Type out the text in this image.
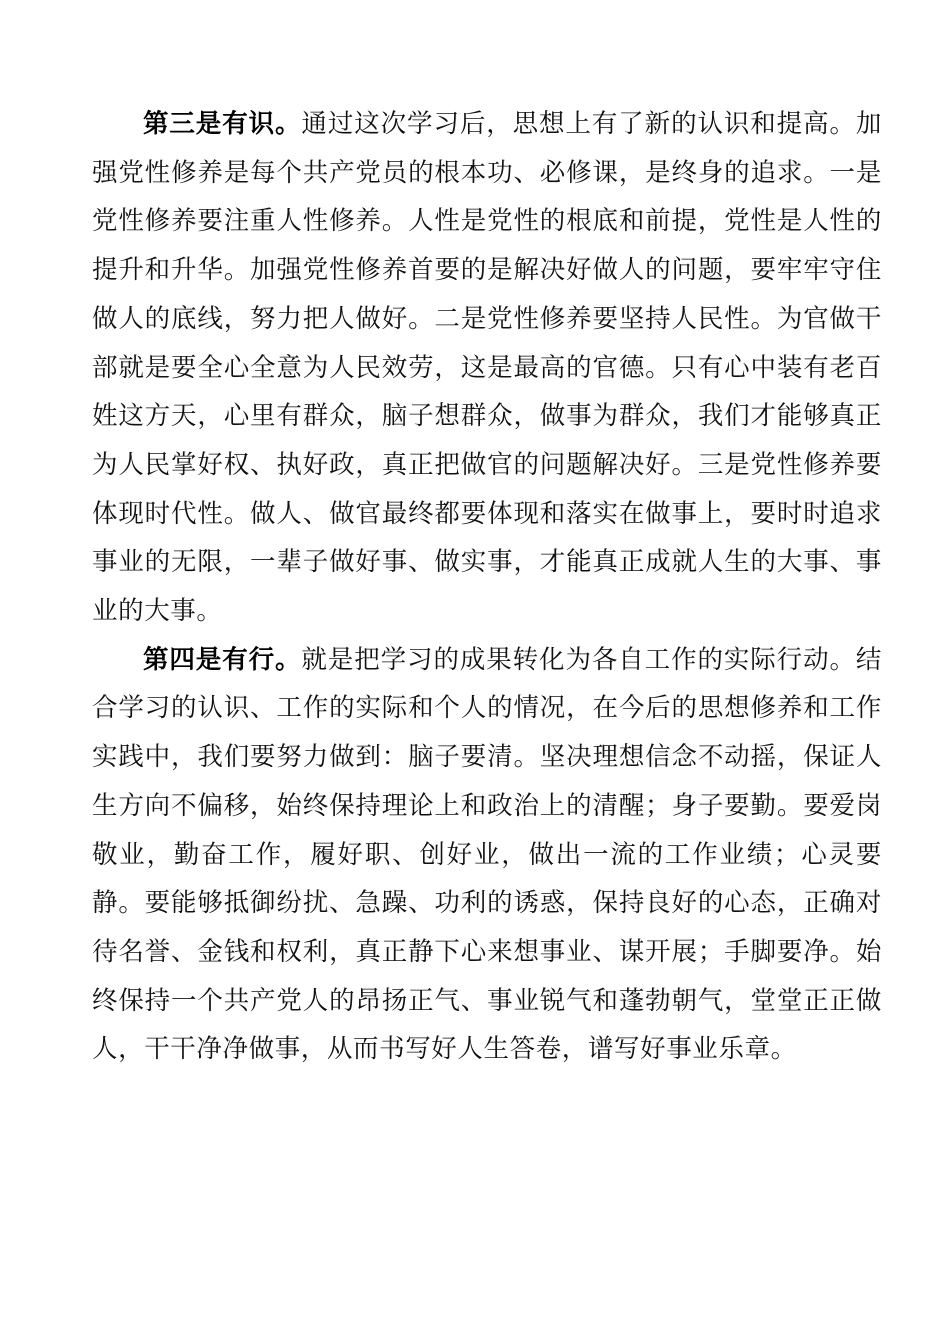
第三是有识。通过这次学习后，思想上有了新的认识和提高。加强党性修养是每个共产党员的根本功、必修课，是终身的追求。一是党性修养要注重人性修养。人性是党性的根底和前提，党性是人性的提升和升华。加强党性修养首要的是解决好做人的问题，要牢牢守住做人的底线，努力把人做好。二是党性修养要坚持人民性。为官做干部就是要全心全意为人民效劳，这是最高的官德。只有心中装有老百姓这方天，心里有群众，脑子想群众，做事为群众，我们才能够真正为人民掌好权、执好政，真正把做官的问题解决好。三是党性修养要体现时代性。做人、做官最终都要体现和落实在做事上，要时时追求事业的无限，一辈子做好事、做实事，才能真正成就人生的大事、事业的大事。

第四是有行。就是把学习的成果转化为各自工作的实际行动。结合学习的认识、工作的实际和个人的情况，在今后的思想修养和工作实践中，我们要努力做到：脑子要清。坚决理想信念不动摇，保证人生方向不偏移，始终保持理论上和政治上的清醒；身子要勤。要爱岗敬业，勤奋工作，履好职、创好业，做出一流的工作业绩；心灵要静。要能够抵御纷扰、急躁、功利的诱惑，保持良好的心态，正确对待名誉、金钱和权利，真正静下心来想事业、谋开展；手脚要净。始终保持一个共产党人的昂扬正气、事业锐气和蓬勃朝气，堂堂正正做人，干干净净做事，从而书写好人生答卷，谱写好事业乐章。
